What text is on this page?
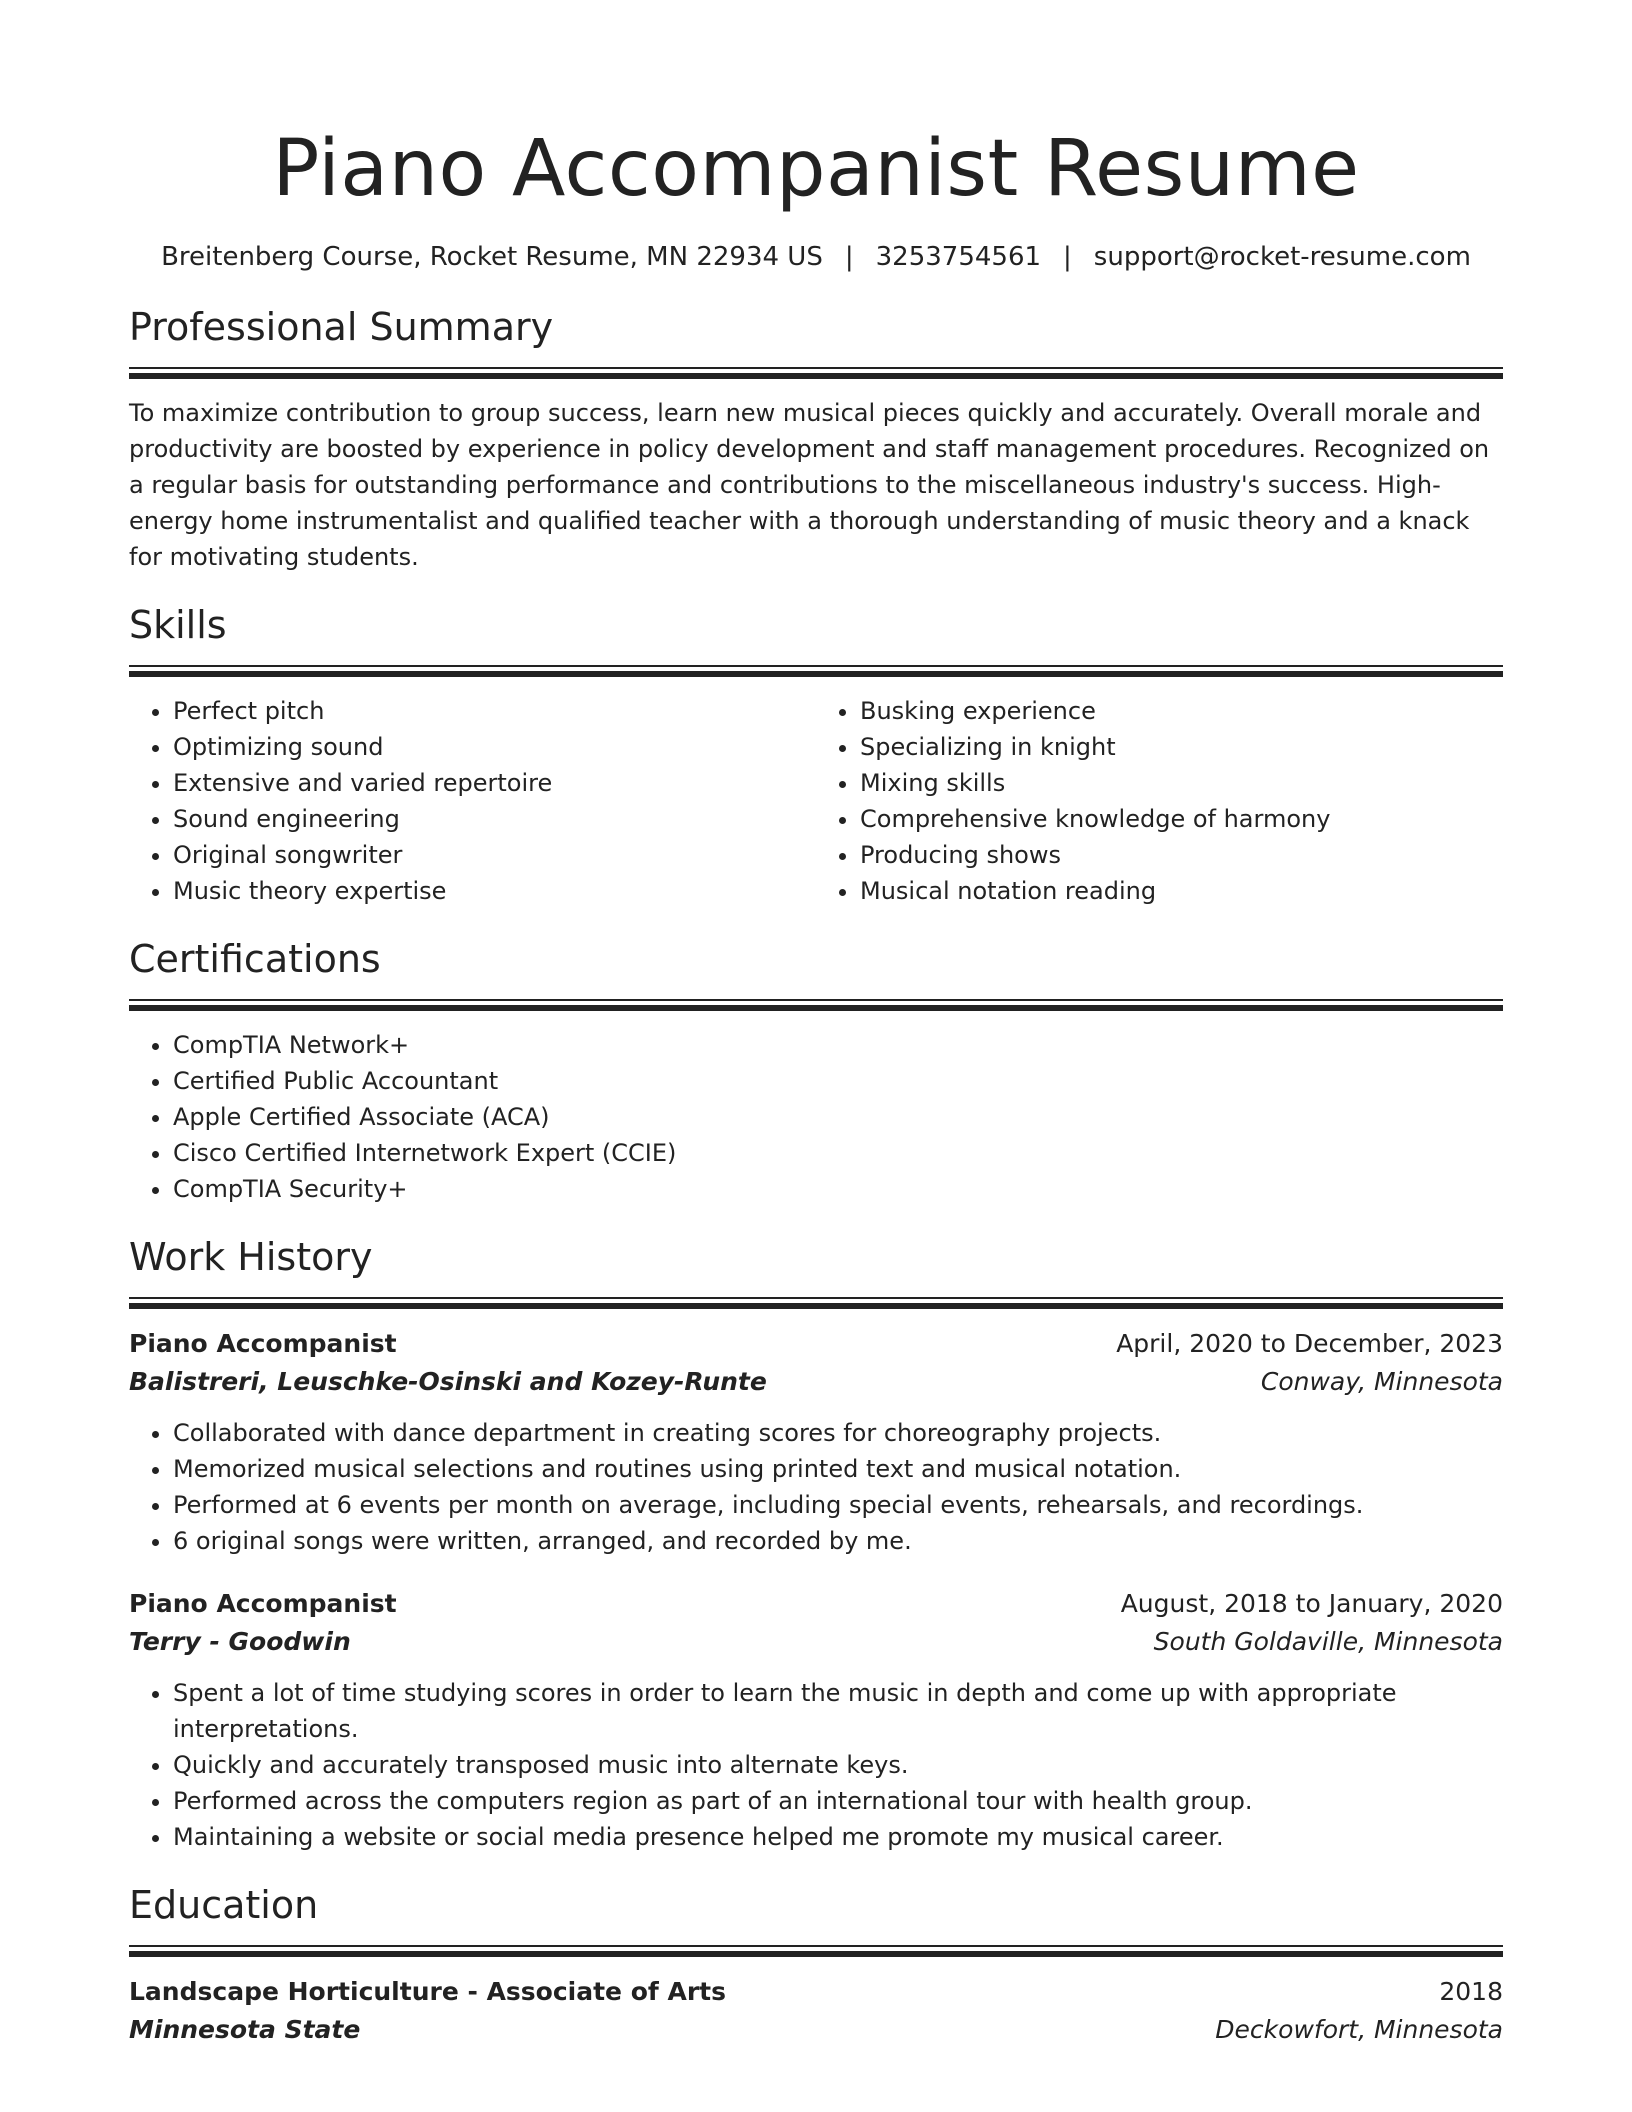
Piano Accompanist Resume
Breitenberg Course, Rocket Resume, MN 22934 US | 3253754561 | support@rocket-resume.com
Professional Summary
To maximize contribution to group success, learn new musical pieces quickly and accurately. Overall morale and productivity are boosted by experience in policy development and staff management procedures. Recognized on a regular basis for outstanding performance and contributions to the miscellaneous industry's success. High-energy home instrumentalist and qualified teacher with a thorough understanding of music theory and a knack for motivating students.
Skills
• Perfect pitch
• Optimizing sound
• Extensive and varied repertoire
• Sound engineering
• Original songwriter
• Music theory expertise
• Busking experience
• Specializing in knight
• Mixing skills
• Comprehensive knowledge of harmony
• Producing shows
• Musical notation reading
Certifications
• CompTIA Network+
• Certified Public Accountant
• Apple Certified Associate (ACA)
• Cisco Certified Internetwork Expert (CCIE)
• CompTIA Security+
Work History
Piano Accompanist	April, 2020 to December, 2023
Balistreri, Leuschke-Osinski and Kozey-Runte	Conway, Minnesota
• Collaborated with dance department in creating scores for choreography projects.
• Memorized musical selections and routines using printed text and musical notation.
• Performed at 6 events per month on average, including special events, rehearsals, and recordings.
• 6 original songs were written, arranged, and recorded by me.
Piano Accompanist	August, 2018 to January, 2020
Terry - Goodwin	South Goldaville, Minnesota
• Spent a lot of time studying scores in order to learn the music in depth and come up with appropriate interpretations.
• Quickly and accurately transposed music into alternate keys.
• Performed across the computers region as part of an international tour with health group.
• Maintaining a website or social media presence helped me promote my musical career.
Education
Landscape Horticulture - Associate of Arts	2018
Minnesota State	Deckowfort, Minnesota
